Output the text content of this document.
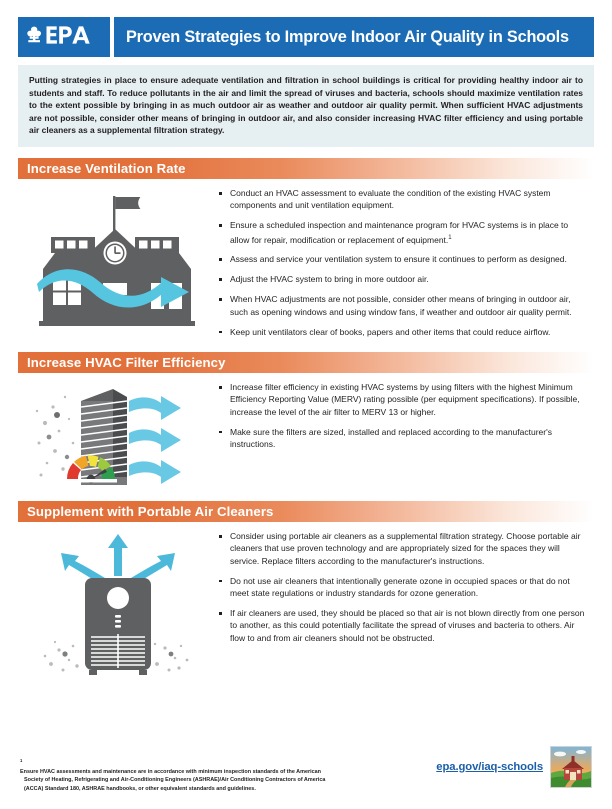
Proven Strategies to Improve Indoor Air Quality in Schools

Putting strategies in place to ensure adequate ventilation and filtration in school buildings is critical for providing healthy indoor air to students and staff. To reduce pollutants in the air and limit the spread of viruses and bacteria, schools should maximize ventilation rates to the extent possible by bringing in as much outdoor air as weather and outdoor air quality permit. When sufficient HVAC adjustments are not possible, consider other means of bringing in outdoor air, and also consider increasing HVAC filter efficiency and using portable air cleaners as a supplemental filtration strategy.

Increase Ventilation Rate
Conduct an HVAC assessment to evaluate the condition of the existing HVAC system components and unit ventilation equipment.
Ensure a scheduled inspection and maintenance program for HVAC systems is in place to allow for repair, modification or replacement of equipment.$^1$
Assess and service your ventilation system to ensure it continues to perform as designed.
Adjust the HVAC system to bring in more outdoor air.
When HVAC adjustments are not possible, consider other means of bringing in outdoor air, such as opening windows and using window fans, if weather and outdoor air quality permit.
Keep unit ventilators clear of books, papers and other items that could reduce airflow.
Increase HVAC Filter Efficiency
Increase filter efficiency in existing HVAC systems by using filters with the highest Minimum Efficiency Reporting Value (MERV) rating possible (per equipment specifications). If possible, increase the level of the air filter to MERV 13 or higher.
Make sure the filters are sized, installed and replaced according to the manufacturer's instructions.
Supplement with Portable Air Cleaners
Consider using portable air cleaners as a supplemental filtration strategy. Choose portable air cleaners that use proven technology and are appropriately sized for the spaces they will service. Replace filters according to the manufacturer's instructions.
Do not use air cleaners that intentionally generate ozone in occupied spaces or that do not meet state regulations or industry standards for ozone generation.
If air cleaners are used, they should be placed so that air is not blown directly from one person to another, as this could potentially facilitate the spread of viruses and bacteria to others. Air flow to and from air cleaners should not be obstructed.
$^1$
Ensure HVAC assessments and maintenance are in accordance with minimum inspection standards of the American
Society of Heating, Refrigerating and Air-Conditioning Engineers (ASHRAE)/Air Conditioning Contractors of America
(ACCA) Standard 180, ASHRAE handbooks, or other equivalent standards and guidelines.
epa.gov/iaq-schools
